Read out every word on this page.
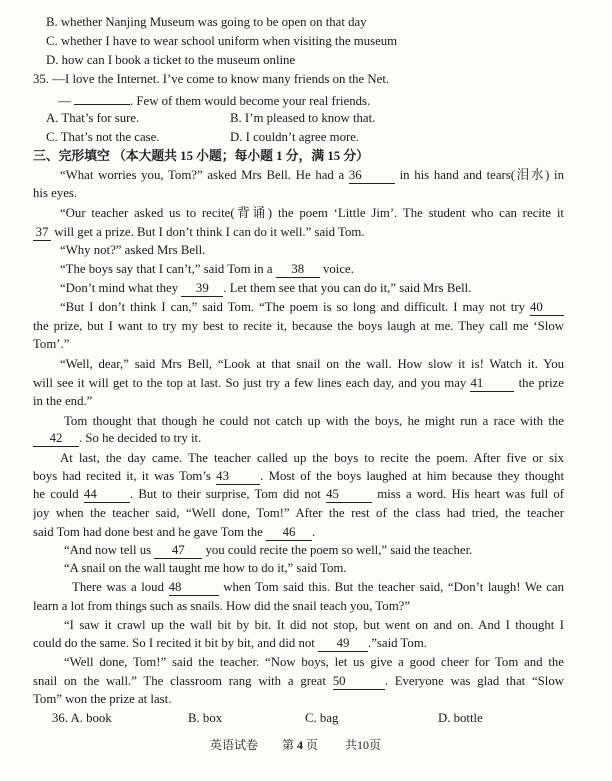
B. whether Nanjing Museum was going to be open on that day
C. whether I have to wear school uniform when visiting the museum
D. how can I book a ticket to the museum online
35. —I love the Internet. I’ve come to know many friends on the Net.
—	. Few of them would become your real friends.
A. That’s for sure.	B. I’m pleased to know that.
C. That’s not the case.	D. I couldn’t agree more.
三、完形填空 （本大题共 15 小题；每小题 1 分，满 15 分）
“What worries you, Tom?” asked Mrs Bell. He had a 36	in his hand and tears(泪水) in
his eyes.
“Our teacher asked us to recite(背诵) the poem ‘Little Jim’. The student who can recite it
37 will get a prize. But I don’t think I can do it well.” said Tom.
“Why not?” asked Mrs Bell.
“The boys say that I can’t,” said Tom in a 38 voice.
“Don’t mind what they 39 . Let them see that you can do it,” said Mrs Bell.
“But I don’t think I can,” said Tom. “The poem is so long and difficult. I may not try 40
the prize, but I want to try my best to recite it, because the boys laugh at me. They call me ‘Slow
Tom’.”
“Well, dear,” said Mrs Bell, “Look at that snail on the wall. How slow it is! Watch it. You
will see it will get to the top at last. So just try a few lines each day, and you may 41	the prize
in the end.”
Tom thought that though he could not catch up with the boys, he might run a race with the
42 . So he decided to try it.
At last, the day came. The teacher called up the boys to recite the poem. After five or six
boys had recited it, it was Tom’s 43 . Most of the boys laughed at him because they thought
he could 44	. But to their surprise, Tom did not 45	miss a word. His heart was full of
joy when the teacher said, “Well done, Tom!” After the rest of the class had tried, the teacher
said Tom had done best and he gave Tom the 46 .
“And now tell us 47 you could recite the poem so well,” said the teacher.
“A snail on the wall taught me how to do it,” said Tom.
There was a loud 48	when Tom said this. But the teacher said, “Don’t laugh! We can
learn a lot from things such as snails. How did the snail teach you, Tom?”
“I saw it crawl up the wall bit by bit. It did not stop, but went on and on. And I thought I
could do the same. So I recited it bit by bit, and did not 49 .”said Tom.
“Well done, Tom!” said the teacher. “Now boys, let us give a good cheer for Tom and the
snail on the wall.” The classroom rang with a great 50	. Everyone was glad that “Slow
Tom” won the prize at last.
36. A. book	B. box	C. bag	D. bottle
英语试卷 第 4 页 共10页
